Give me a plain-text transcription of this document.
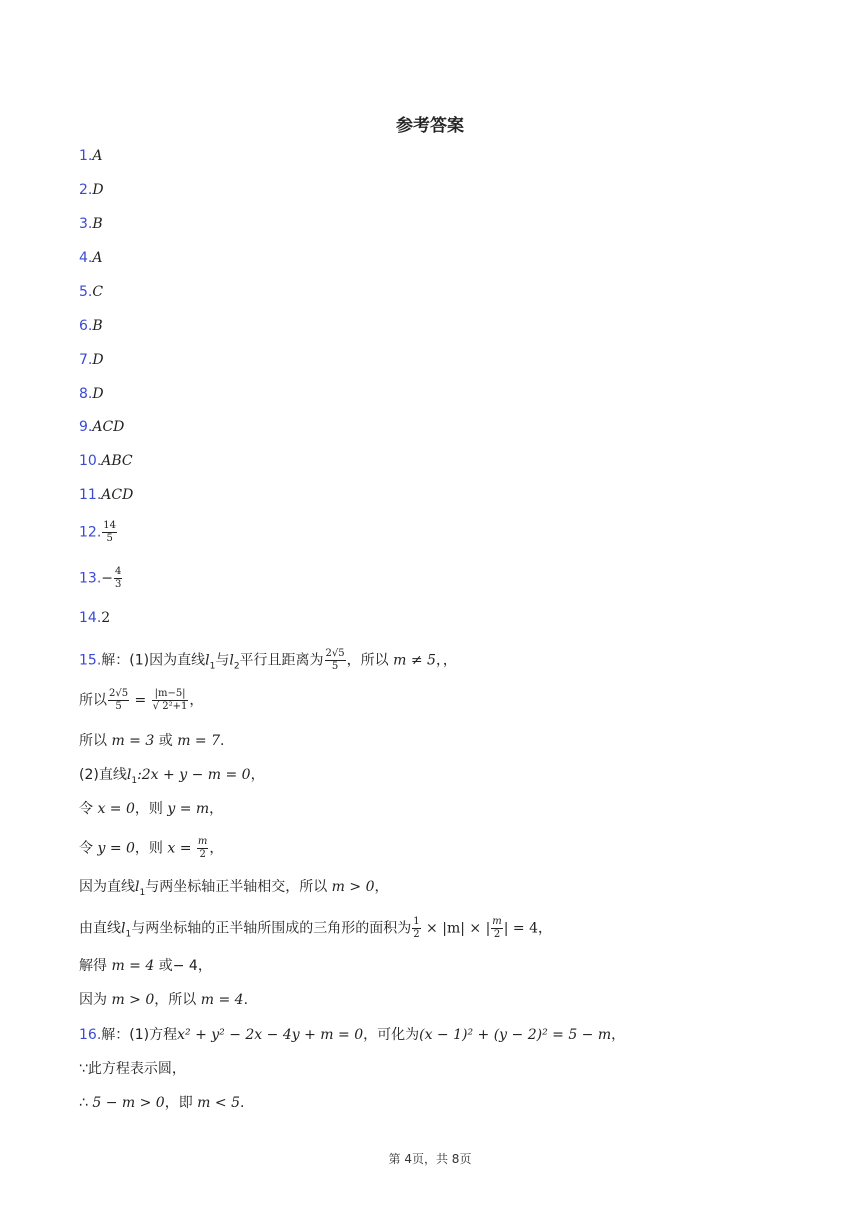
参考答案
1.A
2.D
3.B
4.A
5.C
6.B
7.D
8.D
9.ACD
10.ABC
11.ACD
12. $\frac{14}{5}$
$13.- \frac{4}{3}$
14.2
15.解：(1)因为直线$l_1$与$l_2$平行且距离为 $\frac{2√5}{5}$ ，所以 m ≠ 5，，
所以 $\frac{2√5}{5} = \frac{|m-5|}{\text{√ 2²+1}}$ ，
所以 m = 3 或 m = 7.
(2)直线$l_1:2x + y - m = 0$，
令 x = 0，则 y = m，
令 y = 0，则 $x = \frac{m}{2}$ ，
因为直线$l_1$与两坐标轴正半轴相交，所以 m > 0，
由直线$l_1$与两坐标轴的正半轴所围成的三角形的面积为 $\frac{1}{2} \times |m|$ × | $\frac{m}{2}$ | = 4，
解得 m = 4 或− 4，
因为 m > 0，所以 m = 4.
16.解：(1)方程x² + y² − 2x − 4y + m = 0，可化为(x − 1)² + (y − 2)² = 5 − m，
∵此方程表示圆，
∴ 5 − m > 0，即 m < 5.
第 4页，共 8页
